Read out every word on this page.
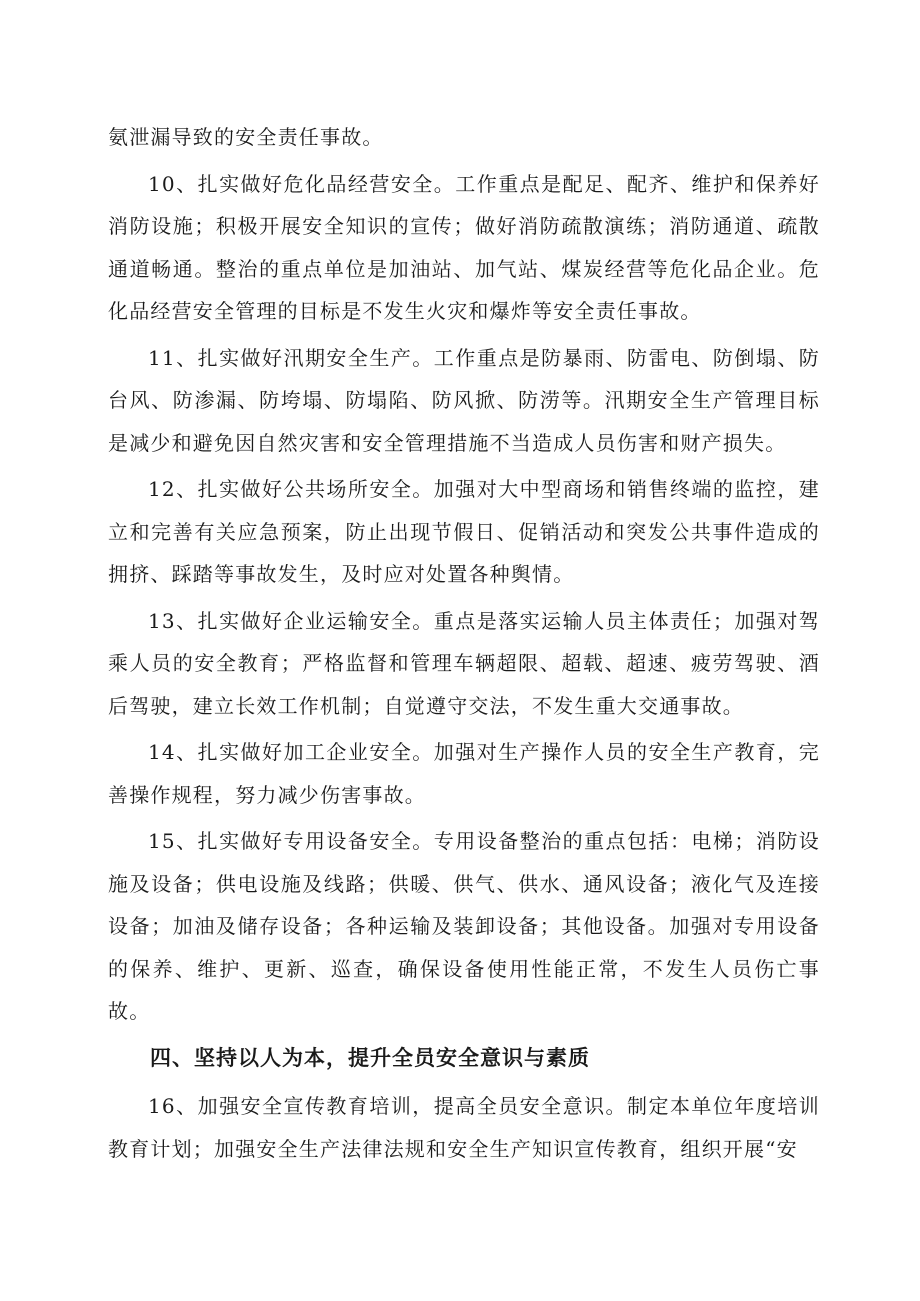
氨泄漏导致的安全责任事故。

10、扎实做好危化品经营安全。工作重点是配足、配齐、维护和保养好消防设施；积极开展安全知识的宣传；做好消防疏散演练；消防通道、疏散通道畅通。整治的重点单位是加油站、加气站、煤炭经营等危化品企业。危化品经营安全管理的目标是不发生火灾和爆炸等安全责任事故。

11、扎实做好汛期安全生产。工作重点是防暴雨、防雷电、防倒塌、防台风、防渗漏、防垮塌、防塌陷、防风掀、防涝等。汛期安全生产管理目标是减少和避免因自然灾害和安全管理措施不当造成人员伤害和财产损失。

12、扎实做好公共场所安全。加强对大中型商场和销售终端的监控，建立和完善有关应急预案，防止出现节假日、促销活动和突发公共事件造成的拥挤、踩踏等事故发生，及时应对处置各种舆情。

13、扎实做好企业运输安全。重点是落实运输人员主体责任；加强对驾乘人员的安全教育；严格监督和管理车辆超限、超载、超速、疲劳驾驶、酒后驾驶，建立长效工作机制；自觉遵守交法，不发生重大交通事故。

14、扎实做好加工企业安全。加强对生产操作人员的安全生产教育，完善操作规程，努力减少伤害事故。

15、扎实做好专用设备安全。专用设备整治的重点包括：电梯；消防设施及设备；供电设施及线路；供暖、供气、供水、通风设备；液化气及连接设备；加油及储存设备；各种运输及装卸设备；其他设备。加强对专用设备的保养、维护、更新、巡查，确保设备使用性能正常，不发生人员伤亡事故。

四、坚持以人为本，提升全员安全意识与素质

16、加强安全宣传教育培训，提高全员安全意识。制定本单位年度培训教育计划；加强安全生产法律法规和安全生产知识宣传教育，组织开展“安
